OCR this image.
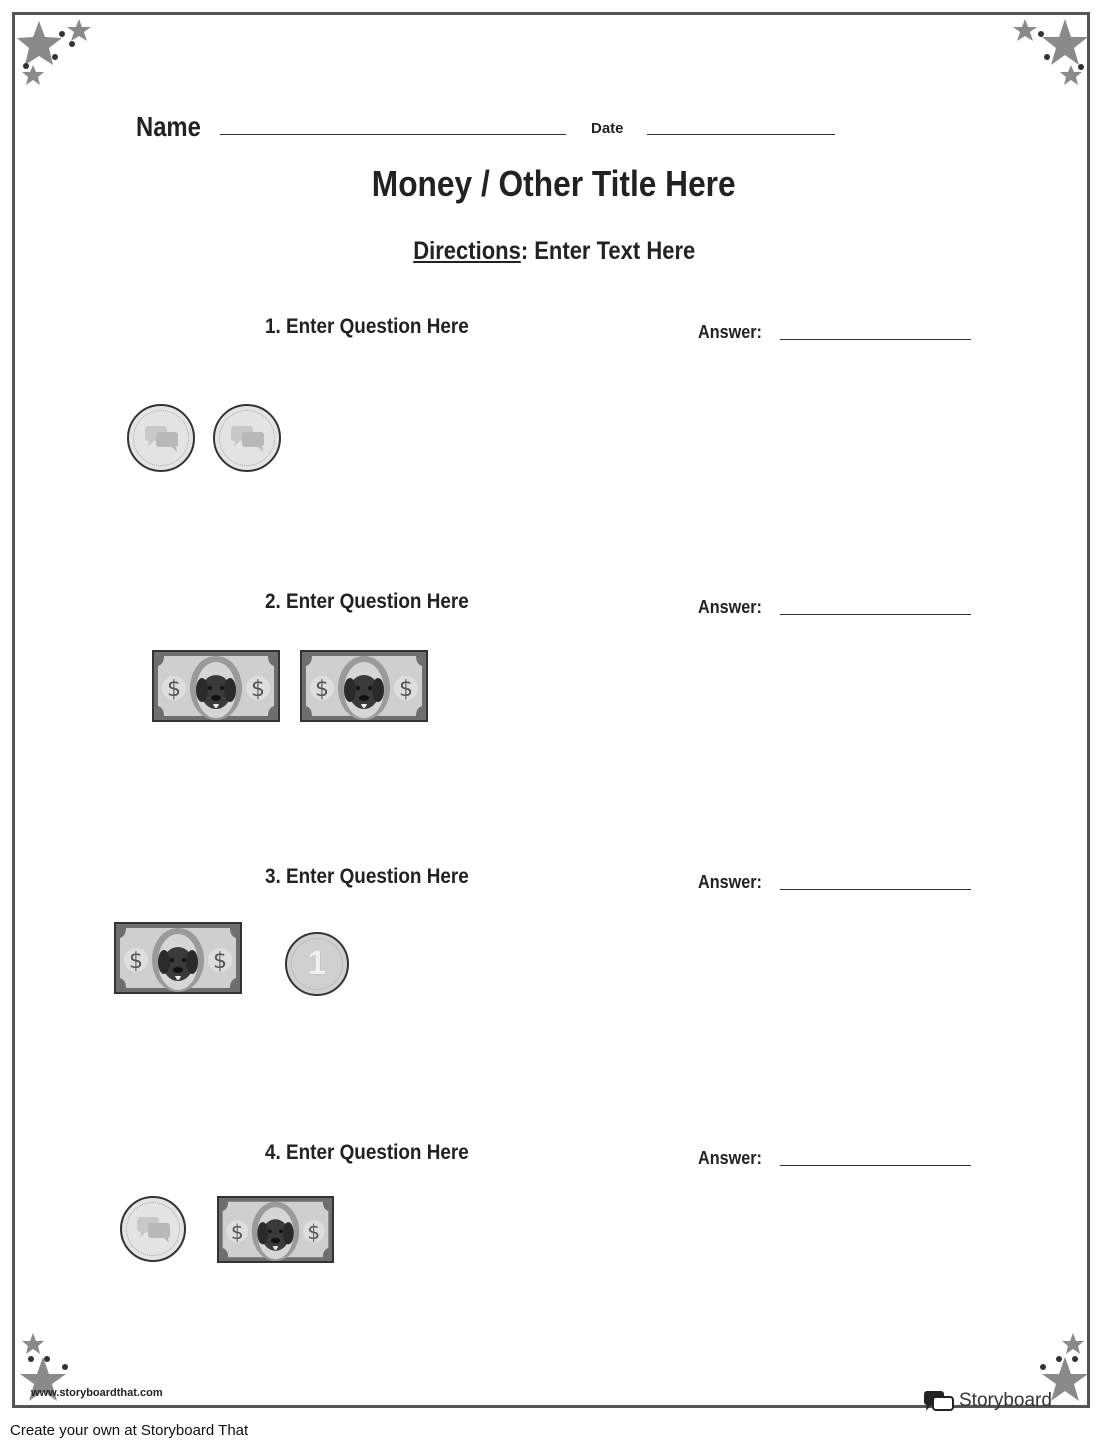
Name	Date
Money / Other Title Here
Directions: Enter Text Here
1. Enter Question Here	Answer:
2. Enter Question Here	Answer:
3. Enter Question Here	Answer:
1
4. Enter Question Here	Answer:
$	$ $	$
$	$
$	$
www.storyboardthat.com	Storyboard
Create your own at Storyboard That
